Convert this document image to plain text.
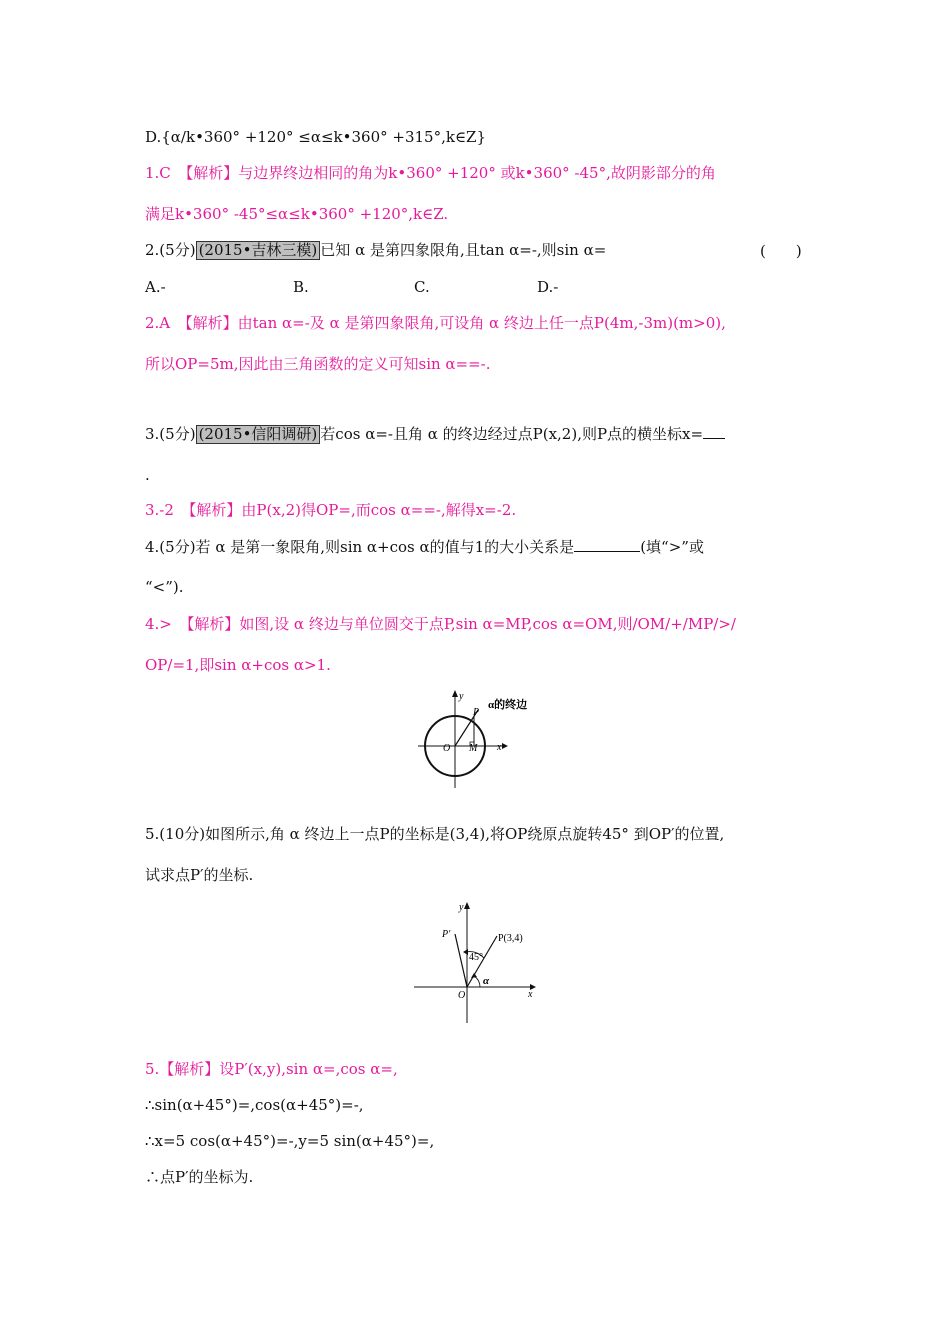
D.{α/k•360° +120° ≤α≤k•360° +315°,k∈Z}
1.C　【解析】与边界终边相同的角为k•360° +120° 或k•360° -45°,故阴影部分的角
满足k•360° -45°≤α≤k•360° +120°,k∈Z.
2.(5分) (2015•吉林三模) 已知 α 是第四象限角,且tan α=-,则sin α=	(　　)
A.-	B.	C.	D.-
2.A　【解析】由tan α=-及 α 是第四象限角,可设角 α 终边上任一点P(4m,-3m)(m>0),
所以OP=5m,因此由三角函数的定义可知sin α==-.
3.(5分) (2015•信阳调研) 若cos α=-且角 α 的终边经过点P(x,2),则P点的横坐标x=
.
3.-2　【解析】由P(x,2)得OP=,而cos α==-,解得x=-2.
4.(5分)若 α 是第一象限角,则sin α+cos α的值与1的大小关系是	(填“>”或
“<”).
4.>　【解析】如图,设 α 终边与单位圆交于点P,sin α=MP,cos α=OM,则/OM/+/MP/>/
OP/=1,即sin α+cos α>1.
y
x
O M
P
α的终边
5.(10分)如图所示,角 α 终边上一点P的坐标是(3,4),将OP绕原点旋转45° 到OP′的位置,
试求点P′的坐标.
y
x
O
P(3,4)
P′
45°
α
5.【解析】设P′(x,y),sin α=,cos α=,
∴sin(α+45°)=,cos(α+45°)=-,
∴x=5 cos(α+45°)=-,y=5 sin(α+45°)=,
∴点P′的坐标为.
